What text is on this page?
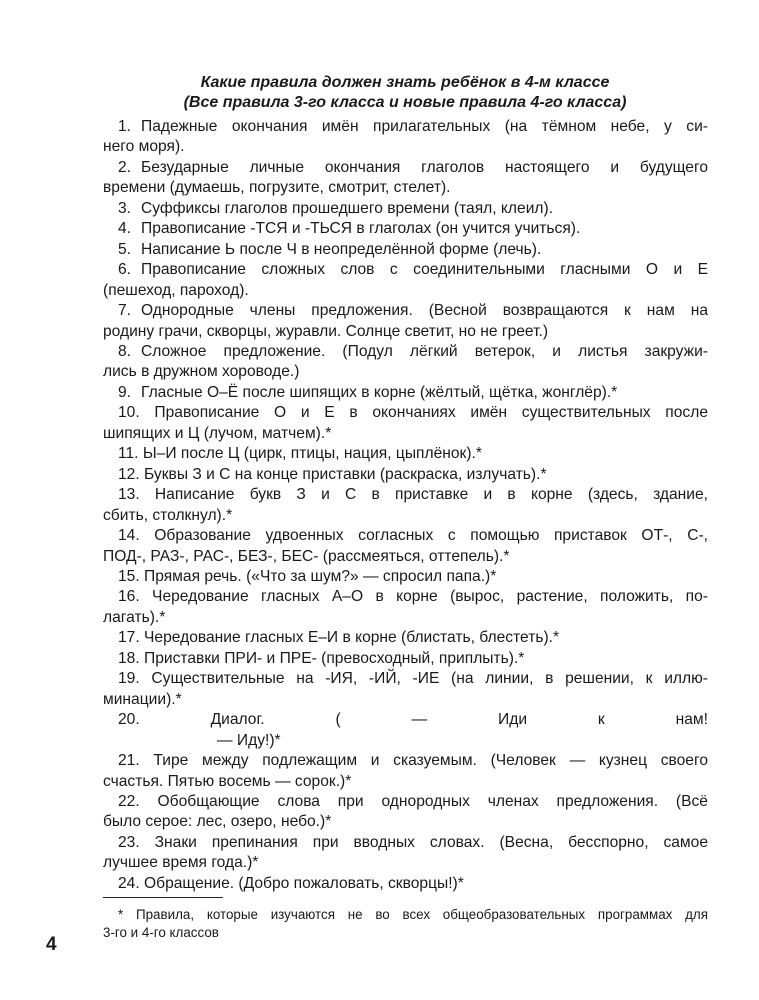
Какие правила должен знать ребёнок в 4-м классе
(Все правила 3-го класса и новые правила 4-го класса)
1. Падежные окончания имён прилагательных (на тёмном небе, у си-
него моря).
2. Безударные личные окончания глаголов настоящего и будущего
времени (думаешь, погрузите, смотрит, стелет).
3. Суффиксы глаголов прошедшего времени (таял, клеил).
4. Правописание -ТСЯ и -ТЬСЯ в глаголах (он учится учиться).
5. Написание Ь после Ч в неопределённой форме (лечь).
6. Правописание сложных слов с соединительными гласными О и Е
(пешеход, пароход).
7. Однородные члены предложения. (Весной возвращаются к нам на
родину грачи, скворцы, журавли. Солнце светит, но не греет.)
8. Сложное предложение. (Подул лёгкий ветерок, и листья закружи-
лись в дружном хороводе.)
9. Гласные О–Ё после шипящих в корне (жёлтый, щётка, жонглёр).*
10. Правописание О и Е в окончаниях имён существительных после
шипящих и Ц (лучом, матчем).*
11. Ы–И после Ц (цирк, птицы, нация, цыплёнок).*
12. Буквы З и С на конце приставки (раскраска, излучать).*
13. Написание букв З и С в приставке и в корне (здесь, здание,
сбить, столкнул).*
14. Образование удвоенных согласных с помощью приставок ОТ-, С-,
ПОД-, РАЗ-, РАС-, БЕЗ-, БЕС- (рассмеяться, оттепель).*
15. Прямая речь. («Что за шум?» — спросил папа.)*
16. Чередование гласных А–О в корне (вырос, растение, положить, по-
лагать).*
17. Чередование гласных Е–И в корне (блистать, блестеть).*
18. Приставки ПРИ- и ПРЕ- (превосходный, приплыть).*
19. Существительные на -ИЯ, -ИЙ, -ИЕ (на линии, в решении, к иллю-
минации).*
20.	Диалог. ( — Иди к нам!
— Иду!)*
21. Тире между подлежащим и сказуемым. (Человек — кузнец своего
счастья. Пятью восемь — сорок.)*
22. Обобщающие слова при однородных членах предложения. (Всё
было серое: лес, озеро, небо.)*
23. Знаки препинания при вводных словах. (Весна, бесспорно, самое
лучшее время года.)*
24. Обращение. (Добро пожаловать, скворцы!)*
* Правила, которые изучаются не во всех общеобразовательных программах для
3-го и 4-го классов
4
